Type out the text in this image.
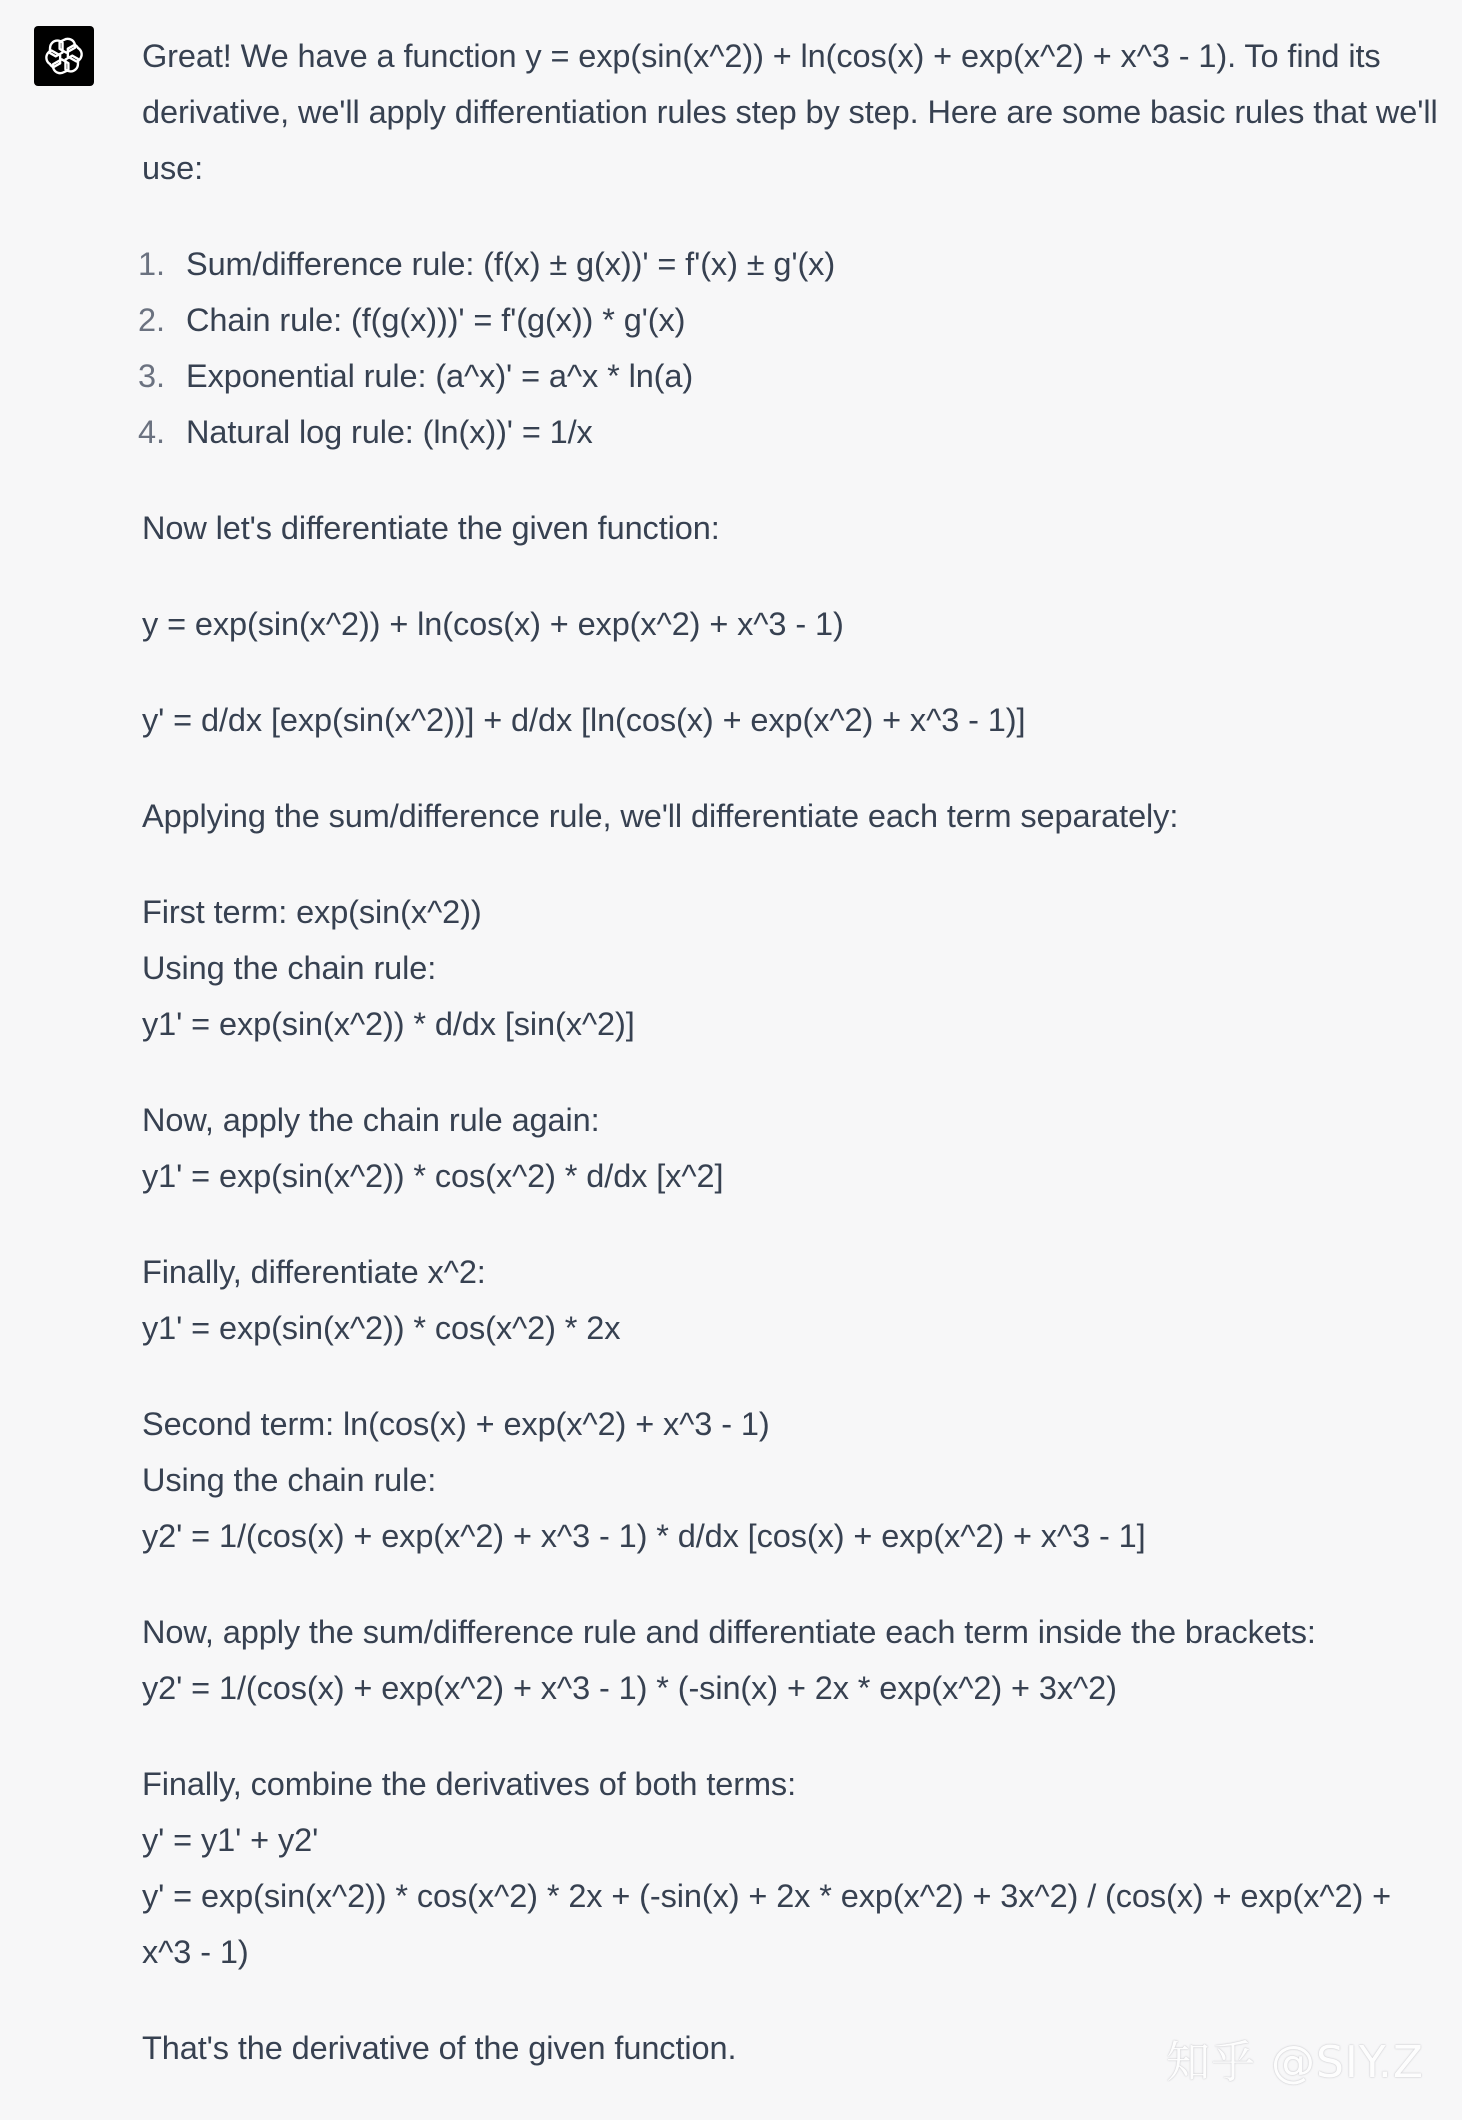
Great! We have a function y = exp(sin(x^2)) + ln(cos(x) + exp(x^2) + x^3 - 1). To find its derivative, we'll apply differentiation rules step by step. Here are some basic rules that we'll use:

1. Sum/difference rule: (f(x) ± g(x))' = f'(x) ± g'(x)
2. Chain rule: (f(g(x)))' = f'(g(x)) * g'(x)
3. Exponential rule: (a^x)' = a^x * ln(a)
4. Natural log rule: (ln(x))' = 1/x

Now let's differentiate the given function:

y = exp(sin(x^2)) + ln(cos(x) + exp(x^2) + x^3 - 1)

y' = d/dx [exp(sin(x^2))] + d/dx [ln(cos(x) + exp(x^2) + x^3 - 1)]

Applying the sum/difference rule, we'll differentiate each term separately:

First term: exp(sin(x^2))
Using the chain rule:
y1' = exp(sin(x^2)) * d/dx [sin(x^2)]

Now, apply the chain rule again:
y1' = exp(sin(x^2)) * cos(x^2) * d/dx [x^2]

Finally, differentiate x^2:
y1' = exp(sin(x^2)) * cos(x^2) * 2x

Second term: ln(cos(x) + exp(x^2) + x^3 - 1)
Using the chain rule:
y2' = 1/(cos(x) + exp(x^2) + x^3 - 1) * d/dx [cos(x) + exp(x^2) + x^3 - 1]

Now, apply the sum/difference rule and differentiate each term inside the brackets:
y2' = 1/(cos(x) + exp(x^2) + x^3 - 1) * (-sin(x) + 2x * exp(x^2) + 3x^2)

Finally, combine the derivatives of both terms:
y' = y1' + y2'
y' = exp(sin(x^2)) * cos(x^2) * 2x + (-sin(x) + 2x * exp(x^2) + 3x^2) / (cos(x) + exp(x^2) + x^3 - 1)

That's the derivative of the given function.	知乎 @SIY.Z
